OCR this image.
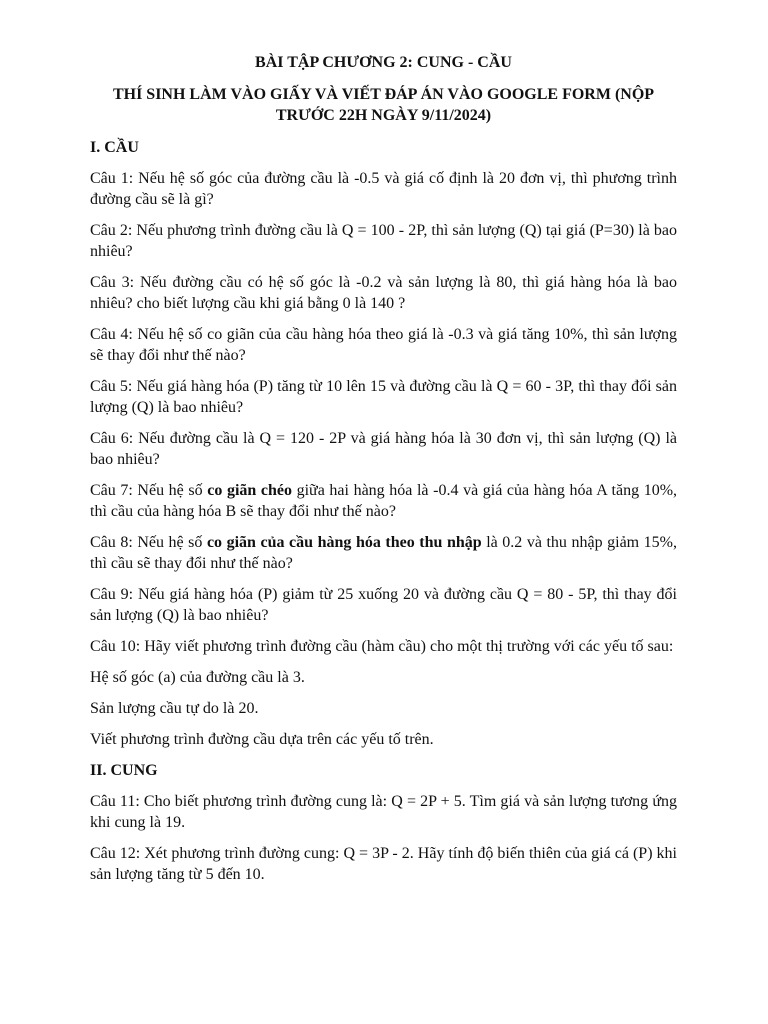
BÀI TẬP CHƯƠNG 2: CUNG - CẦU

THÍ SINH LÀM VÀO GIẤY VÀ VIẾT ĐÁP ÁN VÀO GOOGLE FORM (NỘP TRƯỚC 22H NGÀY 9/11/2024)

I. CẦU

Câu 1: Nếu hệ số góc của đường cầu là -0.5 và giá cố định là 20 đơn vị, thì phương trình đường cầu sẽ là gì?

Câu 2: Nếu phương trình đường cầu là Q = 100 - 2P, thì sản lượng (Q) tại giá (P=30) là bao nhiêu?

Câu 3: Nếu đường cầu có hệ số góc là -0.2 và sản lượng là 80, thì giá hàng hóa là bao nhiêu? cho biết lượng cầu khi giá bằng 0 là 140 ?

Câu 4: Nếu hệ số co giãn của cầu hàng hóa theo giá là -0.3 và giá tăng 10%, thì sản lượng sẽ thay đổi như thế nào?

Câu 5: Nếu giá hàng hóa (P) tăng từ 10 lên 15 và đường cầu là Q = 60 - 3P, thì thay đổi sản lượng (Q) là bao nhiêu?

Câu 6: Nếu đường cầu là Q = 120 - 2P và giá hàng hóa là 30 đơn vị, thì sản lượng (Q) là bao nhiêu?

Câu 7: Nếu hệ số co giãn chéo giữa hai hàng hóa là -0.4 và giá của hàng hóa A tăng 10%, thì cầu của hàng hóa B sẽ thay đổi như thế nào?

Câu 8: Nếu hệ số co giãn của cầu hàng hóa theo thu nhập là 0.2 và thu nhập giảm 15%, thì cầu sẽ thay đổi như thế nào?

Câu 9: Nếu giá hàng hóa (P) giảm từ 25 xuống 20 và đường cầu Q = 80 - 5P, thì thay đổi sản lượng (Q) là bao nhiêu?

Câu 10: Hãy viết phương trình đường cầu (hàm cầu) cho một thị trường với các yếu tố sau:

Hệ số góc (a) của đường cầu là 3.

Sản lượng cầu tự do là 20.

Viết phương trình đường cầu dựa trên các yếu tố trên.

II. CUNG

Câu 11: Cho biết phương trình đường cung là: Q = 2P + 5. Tìm giá và sản lượng tương ứng khi cung là 19.

Câu 12: Xét phương trình đường cung: Q = 3P - 2. Hãy tính độ biến thiên của giá cá (P) khi sản lượng tăng từ 5 đến 10.
